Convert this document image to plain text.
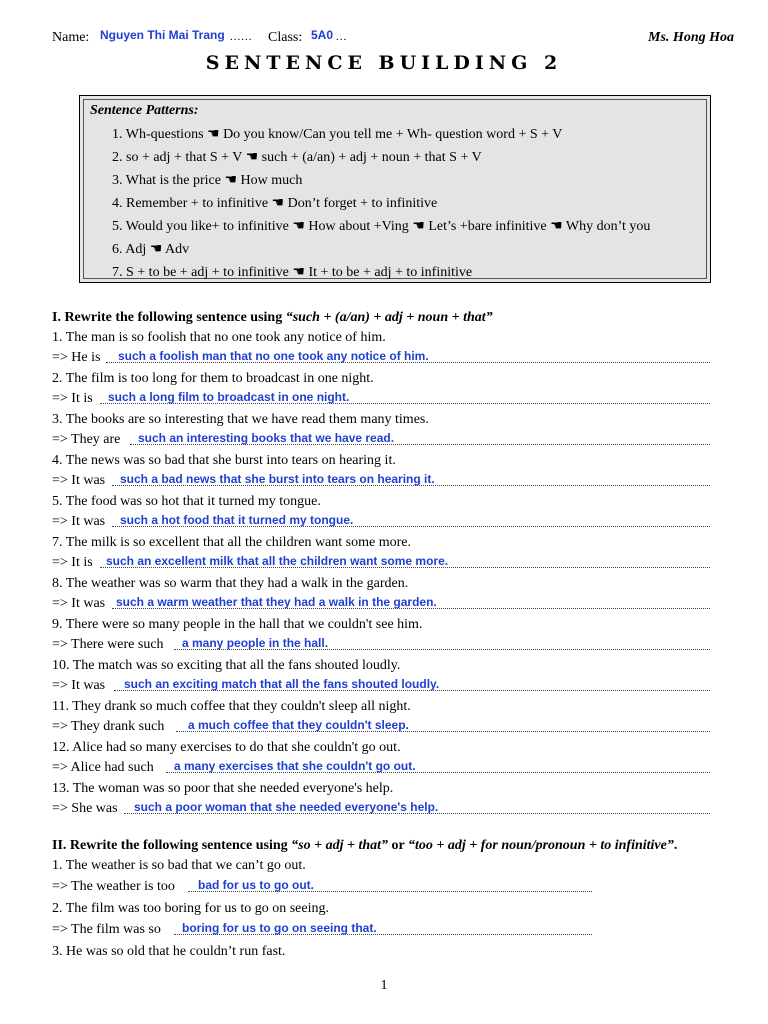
Name: Nguyen Thi Mai Trang ...... Class: 5A0 ...	Ms. Hong Hoa
SENTENCE BUILDING 2
Sentence Patterns:
1. Wh-questions ☚ Do you know/Can you tell me + Wh- question word + S + V
2. so + adj + that S + V ☚ such + (a/an) + adj + noun + that S + V
3. What is the price ☚ How much
4. Remember + to infinitive ☚ Don’t forget + to infinitive
5. Would you like+ to infinitive ☚ How about +Ving ☚ Let’s +bare infinitive ☚ Why don’t you
6. Adj ☚ Adv
7. S + to be + adj + to infinitive ☚ It + to be + adj + to infinitive
I. Rewrite the following sentence using “such + (a/an) + adj + noun + that”
1. The man is so foolish that no one took any notice of him.
=> He is such a foolish man that no one took any notice of him.
2. The film is too long for them to broadcast in one night.
=> It is such a long film to broadcast in one night.
3. The books are so interesting that we have read them many times.
=> They are such an interesting books that we have read.
4. The news was so bad that she burst into tears on hearing it.
=> It was such a bad news that she burst into tears on hearing it.
5. The food was so hot that it turned my tongue.
=> It was such a hot food that it turned my tongue.
7. The milk is so excellent that all the children want some more.
=> It is such an excellent milk that all the children want some more.
8. The weather was so warm that they had a walk in the garden.
=> It was such a warm weather that they had a walk in the garden.
9. There were so many people in the hall that we couldn't see him.
=> There were such a many people in the hall.
10. The match was so exciting that all the fans shouted loudly.
=> It was such an exciting match that all the fans shouted loudly.
11. They drank so much coffee that they couldn't sleep all night.
=> They drank such a much coffee that they couldn't sleep.
12. Alice had so many exercises to do that she couldn't go out.
=> Alice had such a many exercises that she couldn't go out.
13. The woman was so poor that she needed everyone's help.
=> She was such a poor woman that she needed everyone's help.
II. Rewrite the following sentence using “so + adj + that” or “too + adj + for noun/pronoun + to infinitive”.
1. The weather is so bad that we can’t go out.
=> The weather is too bad for us to go out.
2. The film was too boring for us to go on seeing.
=> The film was so boring for us to go on seeing that.
3. He was so old that he couldn’t run fast.
1
